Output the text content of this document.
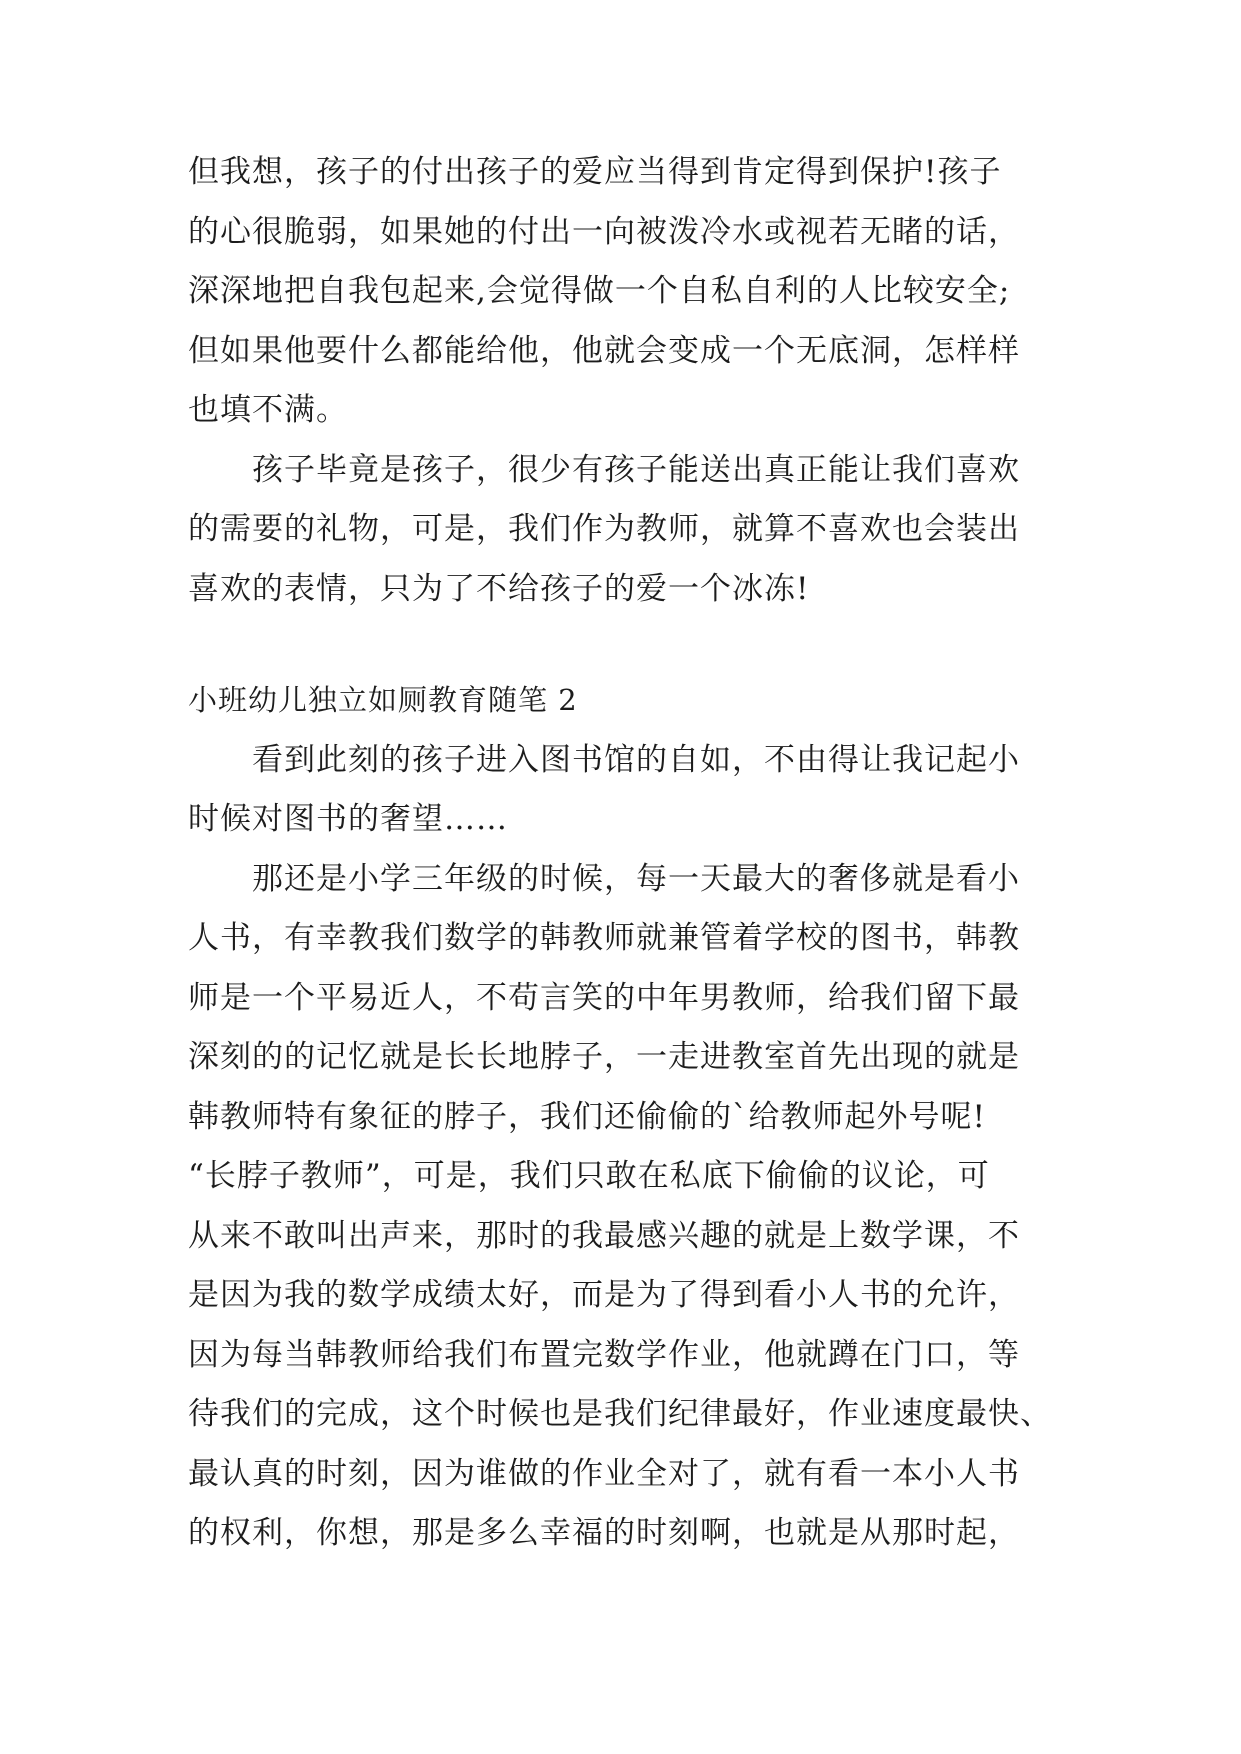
但我想，孩子的付出孩子的爱应当得到肯定得到保护!孩子
的心很脆弱，如果她的付出一向被泼冷水或视若无睹的话，
深深地把自我包起来,会觉得做一个自私自利的人比较安全;
但如果他要什么都能给他，他就会变成一个无底洞，怎样样
也填不满。
　　孩子毕竟是孩子，很少有孩子能送出真正能让我们喜欢
的需要的礼物，可是，我们作为教师，就算不喜欢也会装出
喜欢的表情，只为了不给孩子的爱一个冰冻!
小班幼儿独立如厕教育随笔 2
　　看到此刻的孩子进入图书馆的自如，不由得让我记起小
时候对图书的奢望……
　　那还是小学三年级的时候，每一天最大的奢侈就是看小
人书，有幸教我们数学的韩教师就兼管着学校的图书，韩教
师是一个平易近人，不苟言笑的中年男教师，给我们留下最
深刻的的记忆就是长长地脖子，一走进教室首先出现的就是
韩教师特有象征的脖子，我们还偷偷的`给教师起外号呢!
“长脖子教师”，可是，我们只敢在私底下偷偷的议论，可
从来不敢叫出声来，那时的我最感兴趣的就是上数学课，不
是因为我的数学成绩太好，而是为了得到看小人书的允许，
因为每当韩教师给我们布置完数学作业，他就蹲在门口，等
待我们的完成，这个时候也是我们纪律最好，作业速度最快、
最认真的时刻，因为谁做的作业全对了，就有看一本小人书
的权利，你想，那是多么幸福的时刻啊，也就是从那时起，
